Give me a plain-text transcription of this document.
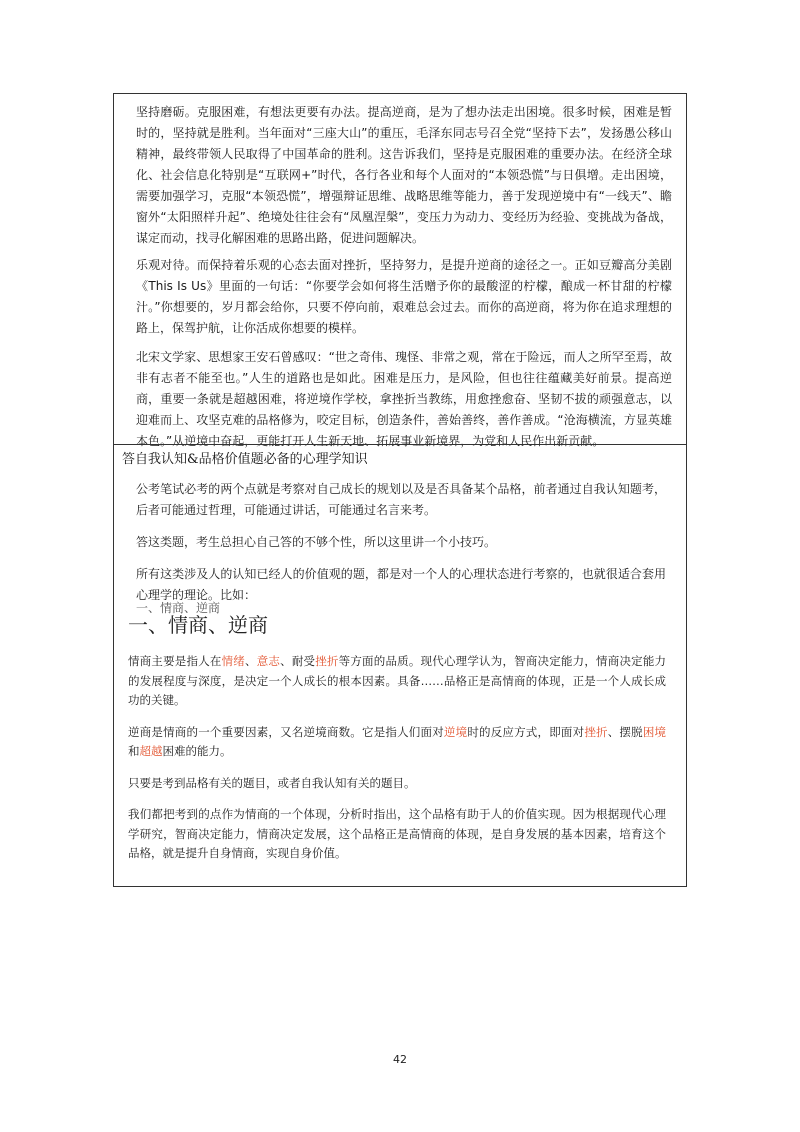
坚持磨砺。克服困难，有想法更要有办法。提高逆商，是为了想办法走出困境。很多时候，困难是暂时的，坚持就是胜利。当年面对“三座大山”的重压，毛泽东同志号召全党“坚持下去”，发扬愚公移山精神，最终带领人民取得了中国革命的胜利。这告诉我们，坚持是克服困难的重要办法。在经济全球化、社会信息化特别是“互联网+”时代，各行各业和每个人面对的“本领恐慌”与日俱增。走出困境，需要加强学习，克服“本领恐慌”，增强辩证思维、战略思维等能力，善于发现逆境中有“一线天”、瞻窗外“太阳照样升起”、绝境处往往会有“凤凰涅槃”，变压力为动力、变经历为经验、变挑战为备战，谋定而动，找寻化解困难的思路出路，促进问题解决。

乐观对待。而保持着乐观的心态去面对挫折，坚持努力，是提升逆商的途径之一。正如豆瓣高分美剧《This Is Us》里面的一句话：“你要学会如何将生活赠予你的最酸涩的柠檬，酿成一杯甘甜的柠檬汁。”你想要的，岁月都会给你，只要不停向前，艰难总会过去。而你的高逆商，将为你在追求理想的路上，保驾护航，让你活成你想要的模样。

北宋文学家、思想家王安石曾感叹：“世之奇伟、瑰怪、非常之观，常在于险远，而人之所罕至焉，故非有志者不能至也。”人生的道路也是如此。困难是压力，是风险，但也往往蕴藏美好前景。提高逆商，重要一条就是超越困难，将逆境作学校，拿挫折当教练，用愈挫愈奋、坚韧不拔的顽强意志，以迎难而上、攻坚克难的品格修为，咬定目标，创造条件，善始善终，善作善成。“沧海横流，方显英雄本色。”从逆境中奋起，更能打开人生新天地、拓展事业新境界，为党和人民作出新贡献。

答自我认知&品格价值题必备的心理学知识

公考笔试必考的两个点就是考察对自己成长的规划以及是否具备某个品格，前者通过自我认知题考，后者可能通过哲理，可能通过讲话，可能通过名言来考。

答这类题，考生总担心自己答的不够个性，所以这里讲一个小技巧。

所有这类涉及人的认知已经人的价值观的题，都是对一个人的心理状态进行考察的，也就很适合套用心理学的理论。比如：

一、情商、逆商
一、情商、逆商

情商主要是指人在情绪、意志、耐受挫折等方面的品质。现代心理学认为，智商决定能力，情商决定能力的发展程度与深度，是决定一个人成长的根本因素。具备……品格正是高情商的体现，正是一个人成长成功的关键。

逆商是情商的一个重要因素，又名逆境商数。它是指人们面对逆境时的反应方式，即面对挫折、摆脱困境和超越困难的能力。

只要是考到品格有关的题目，或者自我认知有关的题目。

我们都把考到的点作为情商的一个体现，分析时指出，这个品格有助于人的价值实现。因为根据现代心理学研究，智商决定能力，情商决定发展，这个品格正是高情商的体现，是自身发展的基本因素，培育这个品格，就是提升自身情商，实现自身价值。

42
